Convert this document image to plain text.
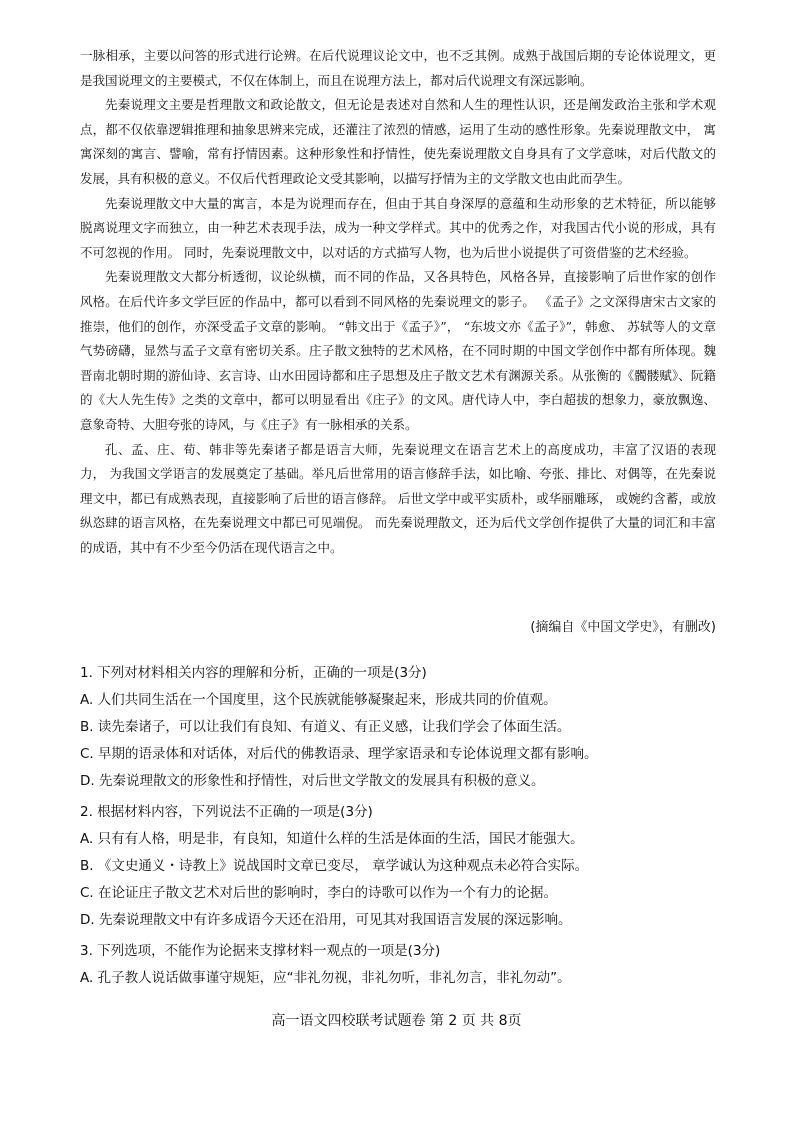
一脉相承，主要以问答的形式进行论辨。在后代说理议论文中，也不乏其例。成熟于战国后期的专论体说理文，更是我国说理文的主要模式，不仅在体制上，而且在说理方法上，都对后代说理文有深远影响。

先秦说理文主要是哲理散文和政论散文，但无论是表述对自然和人生的理性认识，还是阐发政治主张和学术观点，都不仅依靠逻辑推理和抽象思辨来完成，还灌注了浓烈的情感，运用了生动的感性形象。先秦说理散文中， 寓寓深刻的寓言、譬喻，常有抒情因素。这种形象性和抒情性，使先秦说理散文自身具有了文学意味，对后代散文的发展，具有积极的意义。不仅后代哲理政论文受其影响，以描写抒情为主的文学散文也由此而孕生。

先秦说理散文中大量的寓言，本是为说理而存在，但由于其自身深厚的意蕴和生动形象的艺术特征，所以能够脱离说理文字而独立，由一种艺术表现手法，成为一种文学样式。其中的优秀之作，对我国古代小说的形成，具有不可忽视的作用。 同时，先秦说理散文中，以对话的方式描写人物，也为后世小说提供了可资借鉴的艺术经验。

先秦说理散文大都分析透彻，议论纵横，而不同的作品，又各具特色，风格各异，直接影响了后世作家的创作风格。在后代许多文学巨匠的作品中，都可以看到不同风格的先秦说理文的影子。 《孟子》之文深得唐宋古文家的推崇，他们的创作，亦深受孟子文章的影响。 “韩文出于《孟子》”， “东坡文亦《孟子》”，韩愈、 苏轼等人的文章气势磅礴，显然与孟子文章有密切关系。庄子散文独特的艺术风格，在不同时期的中国文学创作中都有所体现。魏晋南北朝时期的游仙诗、玄言诗、山水田园诗都和庄子思想及庄子散文艺术有渊源关系。从张衡的《髑髅赋》、阮籍的《大人先生传》之类的文章中，都可以明显看出《庄子》的文风。唐代诗人中，李白超拔的想象力，豪放飘逸、意象奇特、大胆夸张的诗风，与《庄子》有一脉相承的关系。

孔、孟、庄、荀、韩非等先秦诸子都是语言大师，先秦说理文在语言艺术上的高度成功，丰富了汉语的表现力， 为我国文学语言的发展奠定了基础。举凡后世常用的语言修辞手法，如比喻、夸张、排比、对偶等，在先秦说理文中，都已有成熟表现，直接影响了后世的语言修辞。 后世文学中或平实质朴，或华丽雕琢， 或婉约含蓄，或放纵恣肆的语言风格，在先秦说理文中都已可见端倪。 而先秦说理散文，还为后代文学创作提供了大量的词汇和丰富的成语，其中有不少至今仍活在现代语言之中。

(摘编自《中国文学史》，有删改)

1. 下列对材料相关内容的理解和分析，正确的一项是(3分)

A. 人们共同生活在一个国度里，这个民族就能够凝聚起来，形成共同的价值观。

B. 读先秦诸子，可以让我们有良知、有道义、有正义感，让我们学会了体面生活。

C. 早期的语录体和对话体，对后代的佛教语录、理学家语录和专论体说理文都有影响。

D. 先秦说理散文的形象性和抒情性，对后世文学散文的发展具有积极的意义。

2. 根据材料内容，下列说法不正确的一项是(3分)

A. 只有有人格，明是非，有良知，知道什么样的生活是体面的生活，国民才能强大。

B. 《文史通义・诗教上》说战国时文章已变尽， 章学诚认为这种观点未必符合实际。

C. 在论证庄子散文艺术对后世的影响时，李白的诗歌可以作为一个有力的论据。

D. 先秦说理散文中有许多成语今天还在沿用，可见其对我国语言发展的深远影响。

3. 下列选项，不能作为论据来支撑材料一观点的一项是(3分)

A. 孔子教人说话做事谨守规矩，应“非礼勿视，非礼勿听，非礼勿言，非礼勿动”。

高一语文四校联考试题卷 第 2 页 共 8页
